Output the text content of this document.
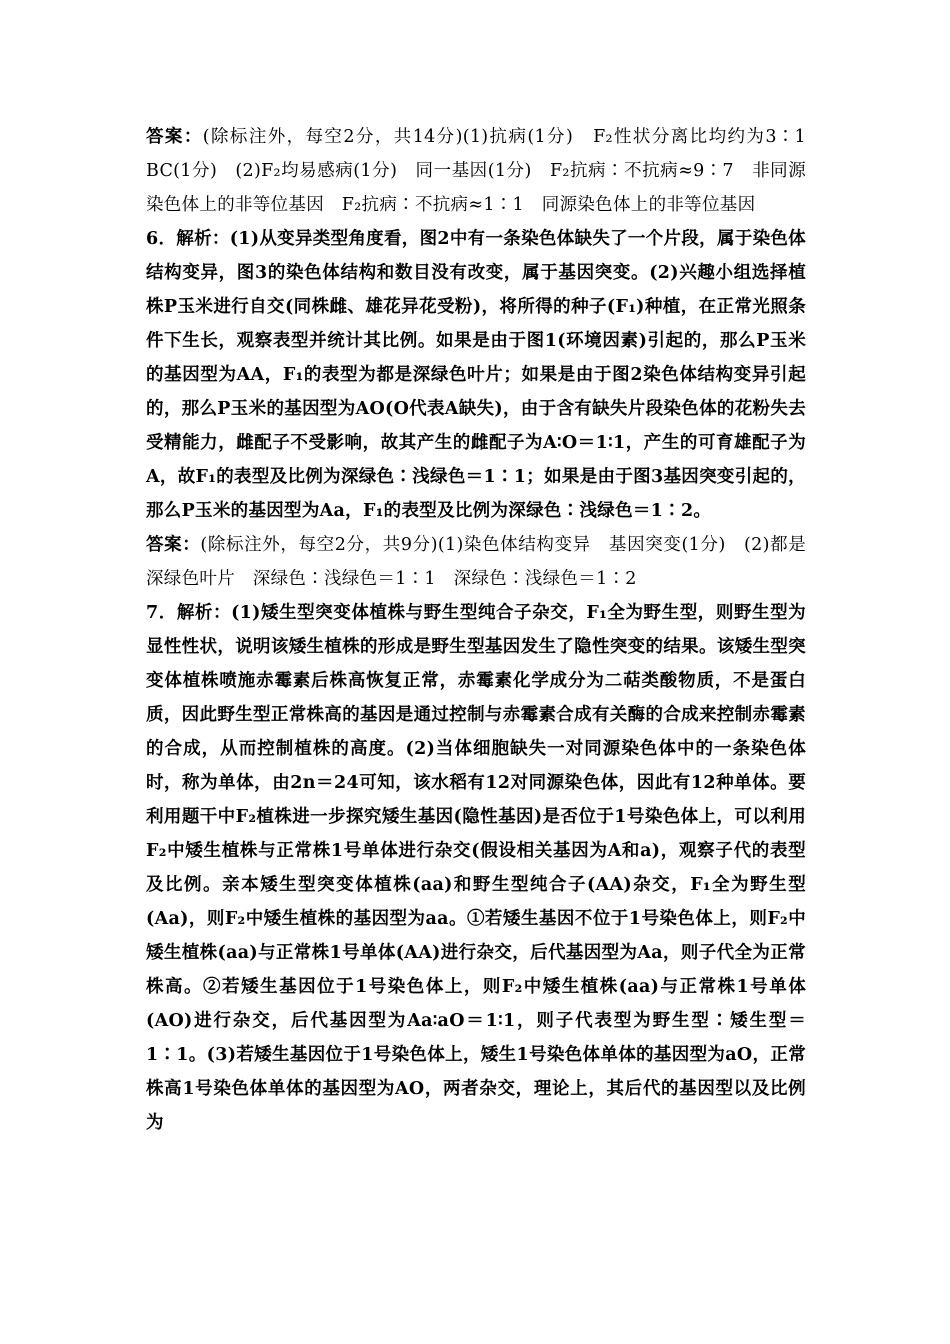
答案：(除标注外，每空2分，共14分)(1)抗病(1分)　F₂性状分离比均约为3∶1　BC(1分)　(2)F₂均易感病(1分)　同一基因(1分)　F₂抗病∶不抗病≈9∶7　非同源染色体上的非等位基因　F₂抗病∶不抗病≈1∶1　同源染色体上的非等位基因

6．解析：(1)从变异类型角度看，图2中有一条染色体缺失了一个片段，属于染色体结构变异，图3的染色体结构和数目没有改变，属于基因突变。(2)兴趣小组选择植株P玉米进行自交(同株雌、雄花异花受粉)，将所得的种子(F₁)种植，在正常光照条件下生长，观察表型并统计其比例。如果是由于图1(环境因素)引起的，那么P玉米的基因型为AA，F₁的表型为都是深绿色叶片；如果是由于图2染色体结构变异引起的，那么P玉米的基因型为AO(O代表A缺失)，由于含有缺失片段染色体的花粉失去受精能力，雌配子不受影响，故其产生的雌配子为A∶O＝1∶1，产生的可育雄配子为A，故F₁的表型及比例为深绿色∶浅绿色＝1∶1；如果是由于图3基因突变引起的，那么P玉米的基因型为Aa，F₁的表型及比例为深绿色∶浅绿色＝1∶2。

答案：(除标注外，每空2分，共9分)(1)染色体结构变异　基因突变(1分)　(2)都是深绿色叶片　深绿色∶浅绿色＝1∶1　深绿色∶浅绿色＝1∶2

7．解析：(1)矮生型突变体植株与野生型纯合子杂交，F₁全为野生型，则野生型为显性性状，说明该矮生植株的形成是野生型基因发生了隐性突变的结果。该矮生型突变体植株喷施赤霉素后株高恢复正常，赤霉素化学成分为二萜类酸物质，不是蛋白质，因此野生型正常株高的基因是通过控制与赤霉素合成有关酶的合成来控制赤霉素的合成，从而控制植株的高度。(2)当体细胞缺失一对同源染色体中的一条染色体时，称为单体，由2n＝24可知，该水稻有12对同源染色体，因此有12种单体。要利用题干中F₂植株进一步探究矮生基因(隐性基因)是否位于1号染色体上，可以利用F₂中矮生植株与正常株1号单体进行杂交(假设相关基因为A和a)，观察子代的表型及比例。亲本矮生型突变体植株(aa)和野生型纯合子(AA)杂交，F₁全为野生型(Aa)，则F₂中矮生植株的基因型为aa。①若矮生基因不位于1号染色体上，则F₂中矮生植株(aa)与正常株1号单体(AA)进行杂交，后代基因型为Aa，则子代全为正常株高。②若矮生基因位于1号染色体上，则F₂中矮生植株(aa)与正常株1号单体(AO)进行杂交，后代基因型为Aa∶aO＝1∶1，则子代表型为野生型∶矮生型＝1∶1。(3)若矮生基因位于1号染色体上，矮生1号染色体单体的基因型为aO，正常株高1号染色体单体的基因型为AO，两者杂交，理论上，其后代的基因型以及比例为
